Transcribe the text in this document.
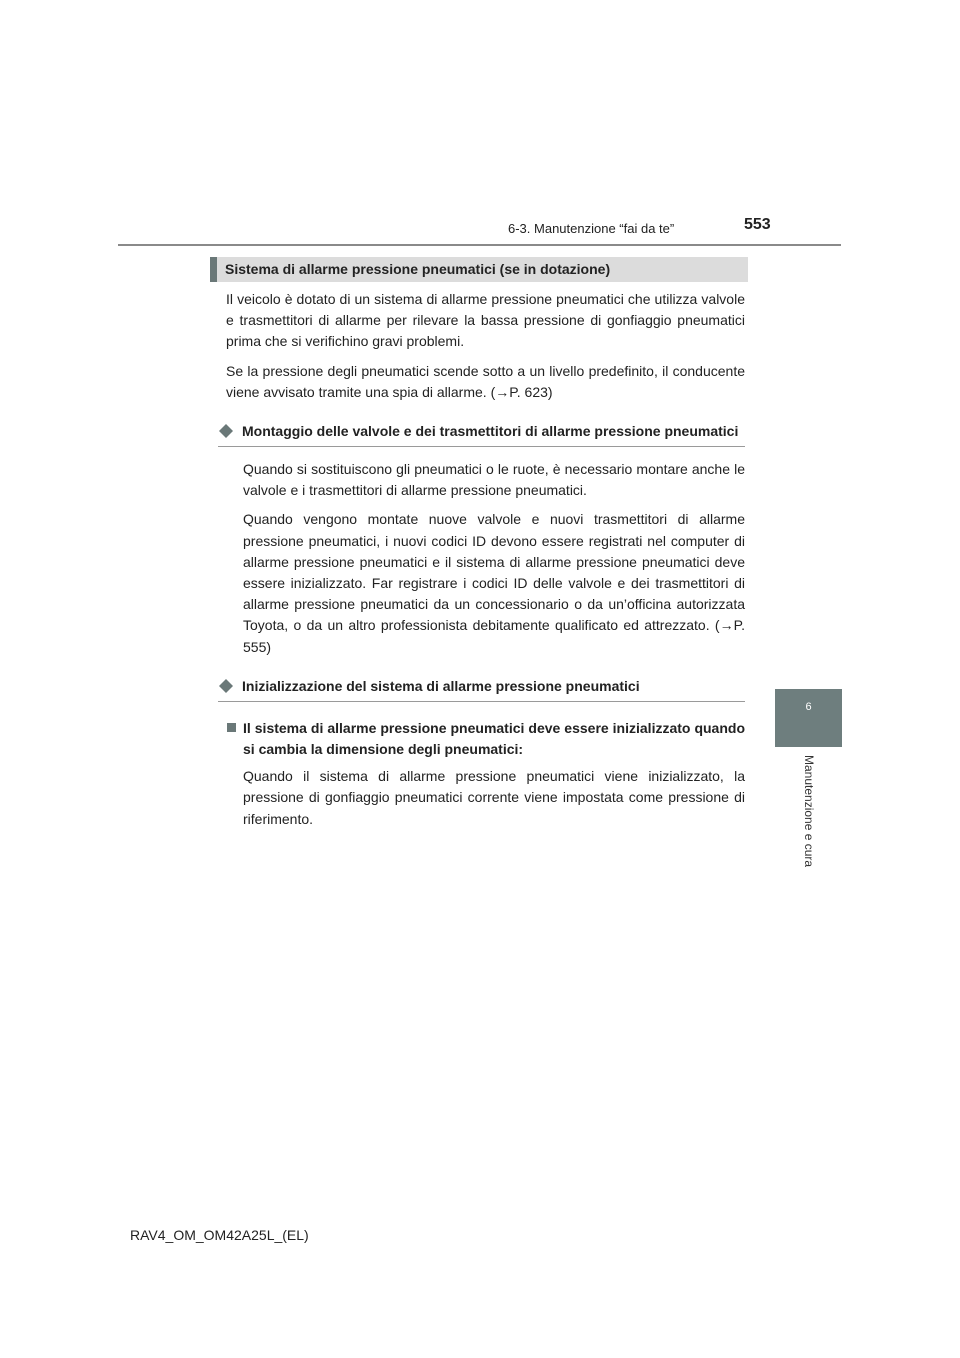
6-3. Manutenzione “fai da te”	553
6
Manutenzione e cura
Sistema di allarme pressione pneumatici (se in dotazione)

Il veicolo è dotato di un sistema di allarme pressione pneumatici che utilizza valvole e trasmettitori di allarme per rilevare la bassa pressione di gonfiaggio pneumatici prima che si verifichino gravi problemi.

Se la pressione degli pneumatici scende sotto a un livello predefinito, il conducente viene avvisato tramite una spia di allarme. (→P. 623)

Montaggio delle valvole e dei trasmettitori di allarme pressione pneumatici

Quando si sostituiscono gli pneumatici o le ruote, è necessario montare anche le valvole e i trasmettitori di allarme pressione pneumatici.

Quando vengono montate nuove valvole e nuovi trasmettitori di allarme pressione pneumatici, i nuovi codici ID devono essere registrati nel computer di allarme pressione pneumatici e il sistema di allarme pressione pneumatici deve essere inizializzato. Far registrare i codici ID delle valvole e dei trasmettitori di allarme pressione pneumatici da un concessionario o da un’officina autorizzata Toyota, o da un altro professionista debitamente qualificato ed attrezzato. (→P. 555)

Inizializzazione del sistema di allarme pressione pneumatici
Il sistema di allarme pressione pneumatici deve essere inizializzato quando si cambia la dimensione degli pneumatici:

Quando il sistema di allarme pressione pneumatici viene inizializzato, la pressione di gonfiaggio pneumatici corrente viene impostata come pressione di riferimento.

RAV4_OM_OM42A25L_(EL)
